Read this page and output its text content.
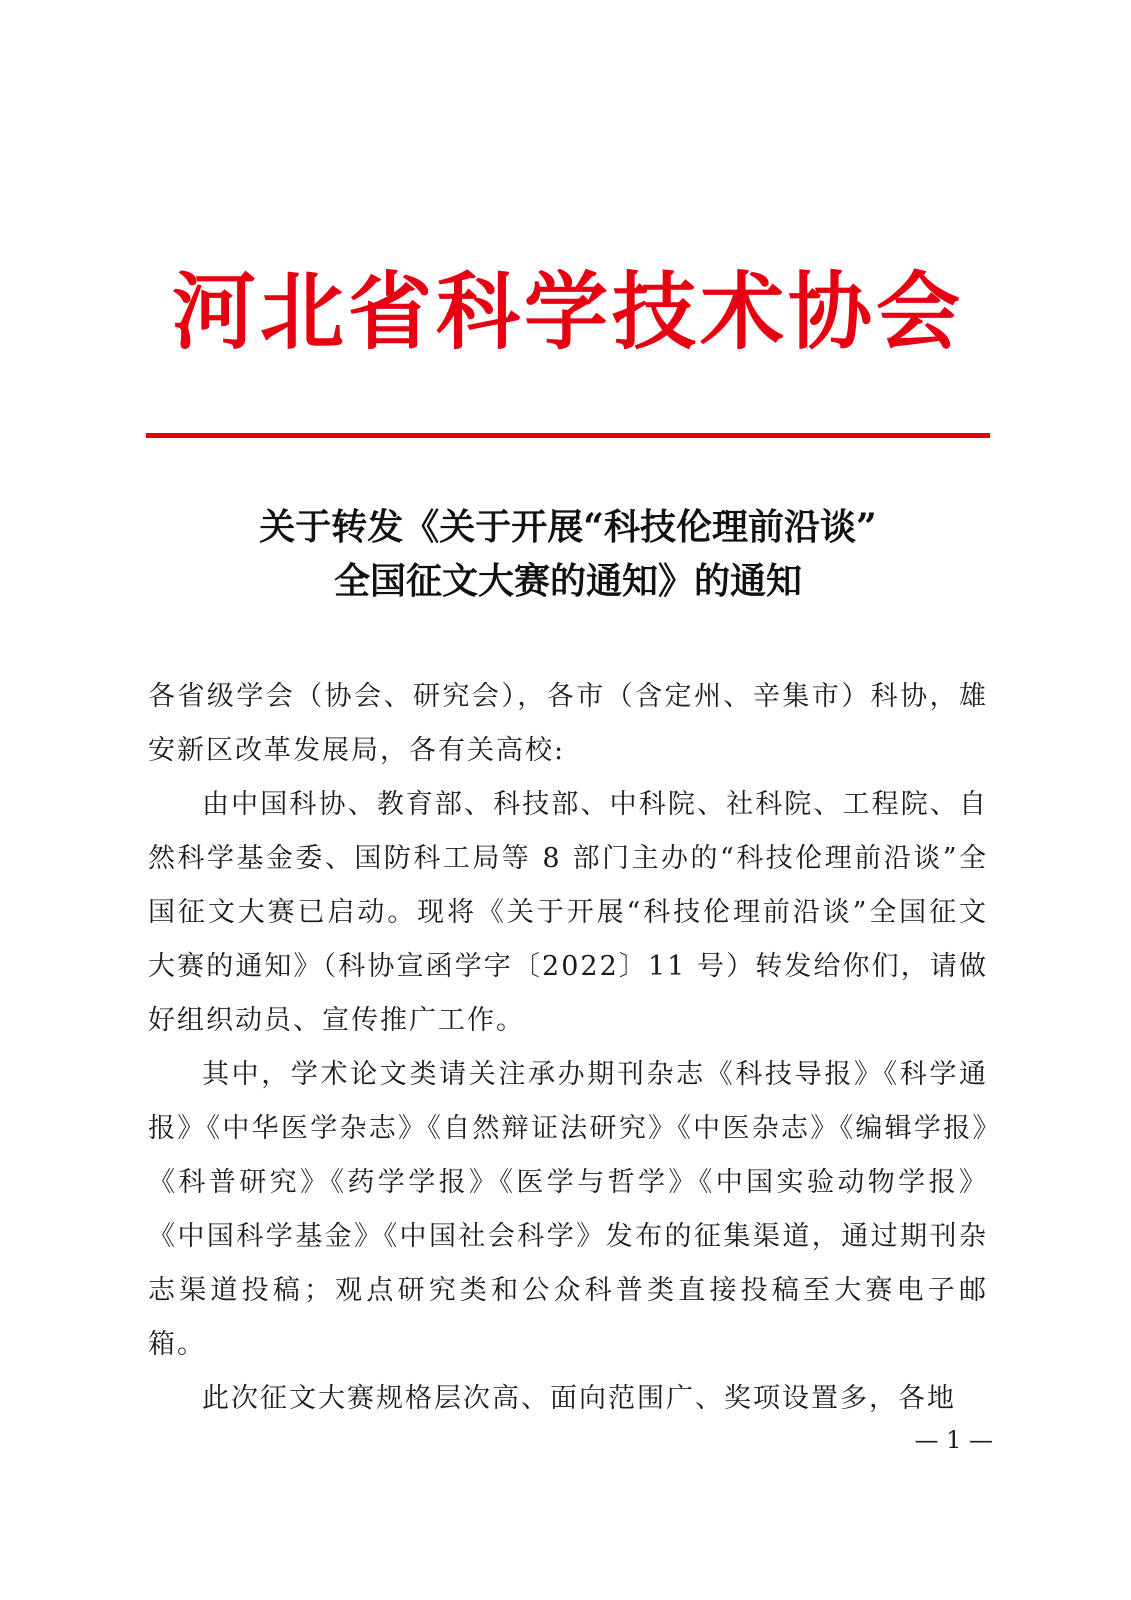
河北省科学技术协会
关于转发《关于开展“科技伦理前沿谈”
全国征文大赛的通知》的通知

各省级学会（协会、研究会），各市（含定州、辛集市）科协，雄安新区改革发展局，各有关高校:

由中国科协、教育部、科技部、中科院、社科院、工程院、自然科学基金委、国防科工局等 8 部门主办的“科技伦理前沿谈”全国征文大赛已启动。现将《关于开展“科技伦理前沿谈”全国征文大赛的通知》（科协宣函学字〔2022〕11 号）转发给你们，请做好组织动员、宣传推广工作。

其中，学术论文类请关注承办期刊杂志《科技导报》《科学通报》《中华医学杂志》《自然辩证法研究》《中医杂志》《编辑学报》《科普研究》《药学学报》《医学与哲学》《中国实验动物学报》《中国科学基金》《中国社会科学》发布的征集渠道，通过期刊杂志渠道投稿；观点研究类和公众科普类直接投稿至大赛电子邮箱。

此次征文大赛规格层次高、面向范围广、奖项设置多，各地

— 1 —
